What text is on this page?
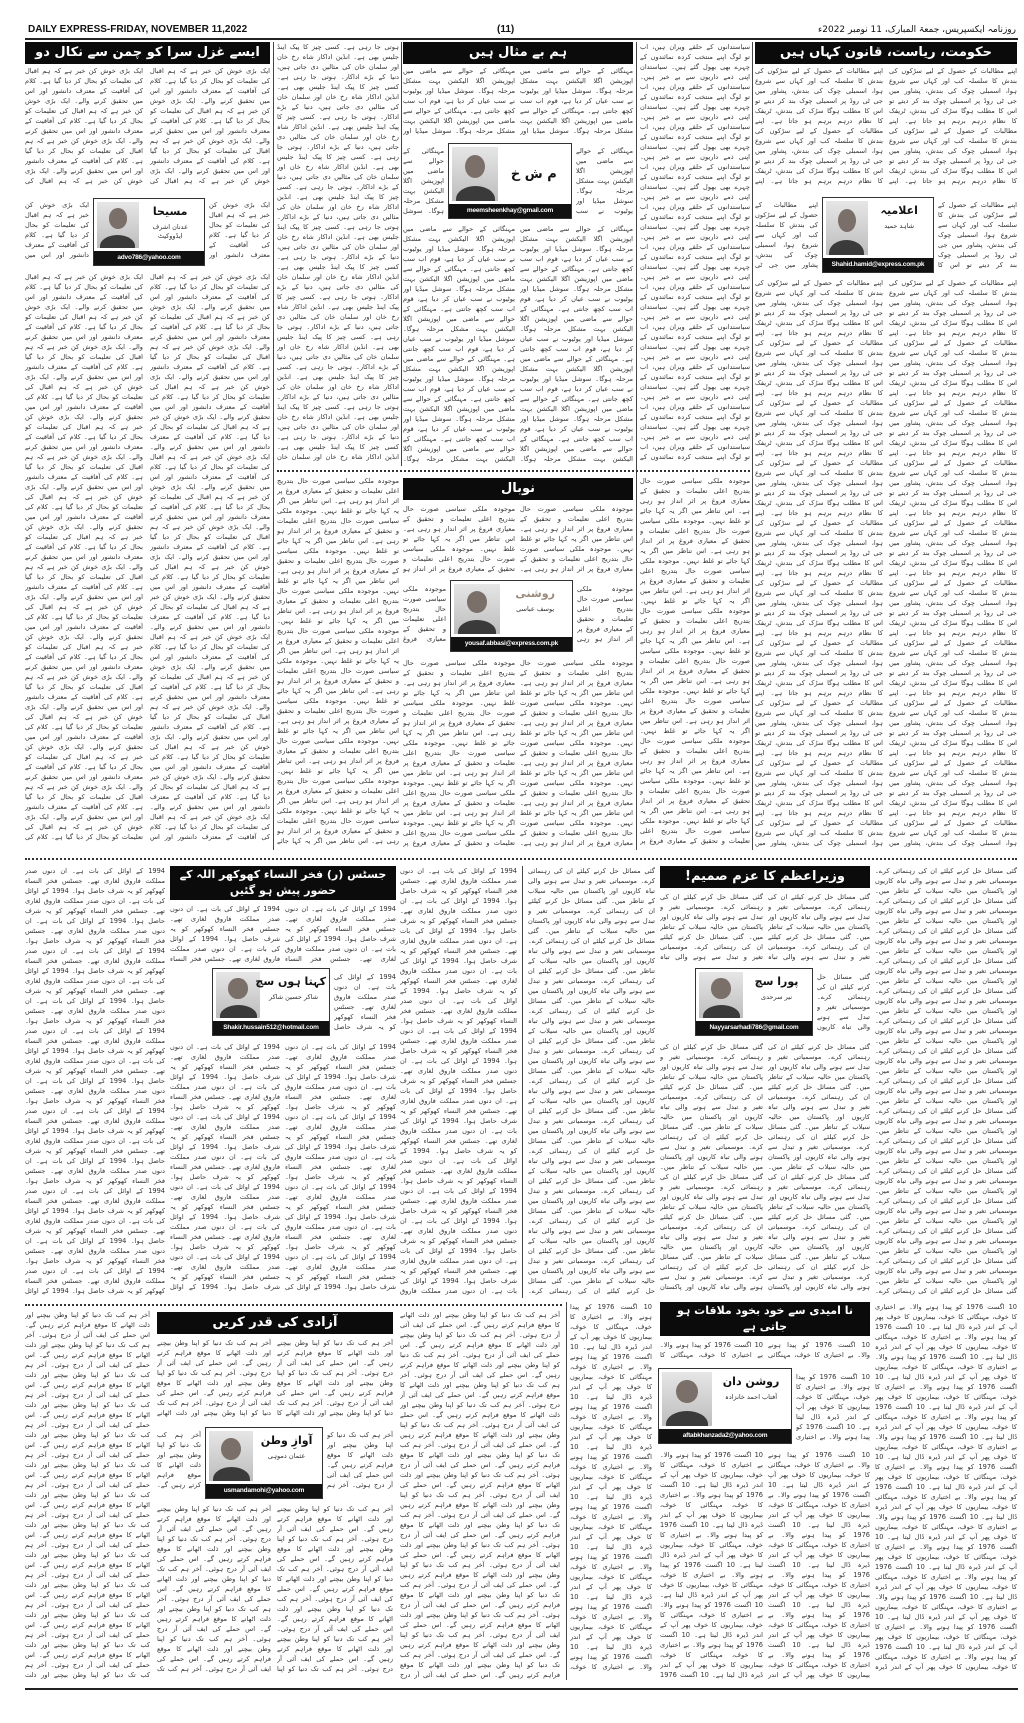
DAILY EXPRESS-FRIDAY, NOVEMBER 11,2022	(11)	روزنامہ ایکسپریس، جمعۃ المبارک، 11 نومبر 2022ء
ایسے غزل سرا کو چمن سے نکال دو
ایک بڑی خوش کن خبر ہے کہ ہم اقبال کی تعلیمات کو بحال کر دیا گیا ہے۔ کلام کی آفاقیت کے معترف دانشور اور اس میں تحقیق کرنے والے۔ ایک بڑی خوش کن خبر ہے کہ ہم اقبال کی تعلیمات کو بحال کر دیا گیا ہے۔ کلام کی آفاقیت کے معترف دانشور اور اس میں تحقیق کرنے والے۔ ایک بڑی خوش کن خبر ہے کہ ہم اقبال کی تعلیمات کو بحال کر دیا گیا ہے۔ کلام کی آفاقیت کے معترف دانشور اور اس میں تحقیق کرنے والے۔ ایک بڑی خوش کن خبر ہے کہ ہم اقبال کی
ایک بڑی خوش کن خبر ہے کہ ہم اقبال کی تعلیمات کو بحال کر دیا گیا ہے۔ کلام کی آفاقیت کے معترف دانشور اور اس میں
ایک بڑی خوش کن خبر ہے کہ ہم اقبال کی تعلیمات کو بحال کر دیا گیا ہے۔ کلام کی آفاقیت کے معترف دانشور اور اس میں تحقیق کرنے والے۔ ایک بڑی خوش کن خبر ہے کہ ہم اقبال کی تعلیمات کو بحال کر دیا گیا ہے۔ کلام کی آفاقیت کے معترف دانشور اور اس میں تحقیق کرنے والے۔ ایک بڑی خوش کن خبر ہے کہ ہم اقبال کی تعلیمات کو بحال کر دیا گیا ہے۔ کلام کی آفاقیت کے معترف دانشور اور اس میں تحقیق کرنے والے۔ ایک بڑی خوش کن خبر ہے کہ ہم اقبال کی تعلیمات کو بحال کر دیا گیا ہے۔ کلام کی آفاقیت کے معترف دانشور اور اس میں تحقیق کرنے والے۔ ایک بڑی خوش کن خبر ہے کہ ہم اقبال کی تعلیمات کو بحال کر دیا گیا ہے۔ کلام کی آفاقیت کے معترف دانشور اور اس میں تحقیق کرنے والے۔ ایک بڑی خوش کن خبر ہے کہ ہم اقبال کی تعلیمات کو بحال کر دیا گیا ہے۔ کلام کی آفاقیت کے معترف دانشور اور اس میں تحقیق کرنے والے۔ ایک بڑی خوش کن خبر ہے کہ ہم اقبال کی تعلیمات کو بحال کر دیا گیا ہے۔ کلام کی آفاقیت کے معترف دانشور اور اس میں تحقیق کرنے والے۔ ایک بڑی خوش کن خبر ہے کہ ہم اقبال کی تعلیمات کو بحال کر دیا گیا ہے۔ کلام کی آفاقیت کے معترف دانشور اور اس میں تحقیق کرنے والے۔ ایک بڑی خوش کن خبر ہے کہ ہم اقبال کی تعلیمات کو بحال کر دیا گیا ہے۔ کلام کی آفاقیت کے معترف دانشور اور اس میں تحقیق کرنے والے۔ ایک بڑی خوش کن خبر ہے کہ ہم اقبال کی تعلیمات کو بحال کر دیا گیا ہے۔ کلام کی آفاقیت کے معترف دانشور اور اس میں تحقیق کرنے والے۔ ایک بڑی خوش کن خبر ہے کہ ہم اقبال کی تعلیمات کو بحال کر دیا گیا ہے۔ کلام کی آفاقیت کے معترف دانشور اور اس میں تحقیق کرنے والے۔ ایک بڑی خوش کن خبر ہے کہ ہم اقبال کی تعلیمات کو بحال کر دیا گیا ہے۔ کلام کی آفاقیت کے معترف دانشور اور اس میں تحقیق کرنے والے۔ ایک بڑی خوش کن خبر ہے کہ ہم اقبال کی تعلیمات کو بحال کر دیا گیا ہے۔ کلام کی آفاقیت کے معترف دانشور اور اس میں تحقیق کرنے والے۔ ایک بڑی خوش کن خبر ہے کہ ہم اقبال کی تعلیمات کو بحال کر دیا گیا ہے۔ کلام کی آفاقیت کے معترف دانشور اور اس میں تحقیق کرنے والے۔ ایک بڑی خوش کن خبر ہے کہ ہم اقبال کی تعلیمات کو بحال کر دیا گیا ہے۔ کلام کی آفاقیت کے معترف دانشور اور اس میں تحقیق کرنے والے۔ ایک بڑی خوش کن خبر ہے کہ ہم اقبال کی تعلیمات کو بحال کر دیا گیا ہے۔ کلام کی
ایک بڑی خوش کن خبر ہے کہ ہم اقبال کی تعلیمات کو بحال کر دیا گیا ہے۔ کلام کی آفاقیت کے معترف دانشور اور اس میں تحقیق کرنے والے۔ ایک بڑی خوش کن خبر ہے کہ ہم اقبال کی تعلیمات کو بحال کر دیا گیا ہے۔ کلام کی آفاقیت کے معترف دانشور اور اس میں تحقیق کرنے والے۔ ایک بڑی خوش کن خبر ہے کہ ہم اقبال کی تعلیمات کو بحال کر دیا گیا ہے۔ کلام کی آفاقیت کے معترف دانشور اور اس میں تحقیق کرنے والے۔ ایک بڑی خوش کن خبر ہے کہ ہم اقبال کی
ایک بڑی خوش کن خبر ہے کہ ہم اقبال کی تعلیمات کو بحال کر دیا گیا ہے۔ کلام کی آفاقیت کے معترف دانشور اور
ایک بڑی خوش کن خبر ہے کہ ہم اقبال کی تعلیمات کو بحال کر دیا گیا ہے۔ کلام کی آفاقیت کے معترف دانشور اور اس میں تحقیق کرنے والے۔ ایک بڑی خوش کن خبر ہے کہ ہم اقبال کی تعلیمات کو بحال کر دیا گیا ہے۔ کلام کی آفاقیت کے معترف دانشور اور اس میں تحقیق کرنے والے۔ ایک بڑی خوش کن خبر ہے کہ ہم اقبال کی تعلیمات کو بحال کر دیا گیا ہے۔ کلام کی آفاقیت کے معترف دانشور اور اس میں تحقیق کرنے والے۔ ایک بڑی خوش کن خبر ہے کہ ہم اقبال کی تعلیمات کو بحال کر دیا گیا ہے۔ کلام کی آفاقیت کے معترف دانشور اور اس میں تحقیق کرنے والے۔ ایک بڑی خوش کن خبر ہے کہ ہم اقبال کی تعلیمات کو بحال کر دیا گیا ہے۔ کلام کی آفاقیت کے معترف دانشور اور اس میں تحقیق کرنے والے۔ ایک بڑی خوش کن خبر ہے کہ ہم اقبال کی تعلیمات کو بحال کر دیا گیا ہے۔ کلام کی آفاقیت کے معترف دانشور اور اس میں تحقیق کرنے والے۔ ایک بڑی خوش کن خبر ہے کہ ہم اقبال کی تعلیمات کو بحال کر دیا گیا ہے۔ کلام کی آفاقیت کے معترف دانشور اور اس میں تحقیق کرنے والے۔ ایک بڑی خوش کن خبر ہے کہ ہم اقبال کی تعلیمات کو بحال کر دیا گیا ہے۔ کلام کی آفاقیت کے معترف دانشور اور اس میں تحقیق کرنے والے۔ ایک بڑی خوش کن خبر ہے کہ ہم اقبال کی تعلیمات کو بحال کر دیا گیا ہے۔ کلام کی آفاقیت کے معترف دانشور اور اس میں تحقیق کرنے والے۔ ایک بڑی خوش کن خبر ہے کہ ہم اقبال کی تعلیمات کو بحال کر دیا گیا ہے۔ کلام کی آفاقیت کے معترف دانشور اور اس میں تحقیق کرنے والے۔ ایک بڑی خوش کن خبر ہے کہ ہم اقبال کی تعلیمات کو بحال کر دیا گیا ہے۔ کلام کی آفاقیت کے معترف دانشور اور اس میں تحقیق کرنے والے۔ ایک بڑی خوش کن خبر ہے کہ ہم اقبال کی تعلیمات کو بحال کر دیا گیا ہے۔ کلام کی آفاقیت کے معترف دانشور اور اس میں تحقیق کرنے والے۔ ایک بڑی خوش کن خبر ہے کہ ہم اقبال کی تعلیمات کو بحال کر دیا گیا ہے۔ کلام کی آفاقیت کے معترف دانشور اور اس میں تحقیق کرنے والے۔ ایک بڑی خوش کن خبر ہے کہ ہم اقبال کی تعلیمات کو بحال کر دیا گیا ہے۔ کلام کی آفاقیت کے معترف دانشور اور اس میں تحقیق کرنے والے۔ ایک بڑی خوش کن خبر ہے کہ ہم اقبال کی تعلیمات کو بحال کر دیا گیا ہے۔ کلام کی آفاقیت کے معترف دانشور اور اس میں تحقیق کرنے والے۔ ایک بڑی خوش کن خبر ہے کہ ہم اقبال کی تعلیمات کو بحال کر دیا گیا ہے۔ کلام کی آفاقیت کے معترف دانشور اور اس
مسیحا
عدنان اشرف ایڈووکیٹ
advo786@yahoo.com
ہوتی جا رہی ہے۔ کسی چیز کا پیک اینڈ جلیس بھی ہے۔ انڈین اداکار شاہ رخ خان اور سلمان خان کی مثالیں دی جاتی ہیں، دنیا کے بڑے اداکار۔ ہوتی جا رہی ہے۔ کسی چیز کا پیک اینڈ جلیس بھی ہے۔ انڈین اداکار شاہ رخ خان اور سلمان خان کی مثالیں دی جاتی ہیں، دنیا کے بڑے اداکار۔ ہوتی جا رہی ہے۔ کسی چیز کا پیک اینڈ جلیس بھی ہے۔ انڈین اداکار شاہ رخ خان اور سلمان خان کی مثالیں دی جاتی ہیں، دنیا کے بڑے اداکار۔ ہوتی جا رہی ہے۔ کسی چیز کا پیک اینڈ جلیس بھی ہے۔ انڈین اداکار شاہ رخ خان اور سلمان خان کی مثالیں دی جاتی ہیں، دنیا کے بڑے اداکار۔ ہوتی جا رہی ہے۔ کسی چیز کا پیک اینڈ جلیس بھی ہے۔ انڈین اداکار شاہ رخ خان اور سلمان خان کی مثالیں دی جاتی ہیں، دنیا کے بڑے اداکار۔ ہوتی جا رہی ہے۔ کسی چیز کا پیک اینڈ جلیس بھی ہے۔ انڈین اداکار شاہ رخ خان اور سلمان خان کی مثالیں دی جاتی ہیں، دنیا کے بڑے اداکار۔ ہوتی جا رہی ہے۔ کسی چیز کا پیک اینڈ جلیس بھی ہے۔ انڈین اداکار شاہ رخ خان اور سلمان خان کی مثالیں دی جاتی ہیں، دنیا کے بڑے اداکار۔ ہوتی جا رہی ہے۔ کسی چیز کا پیک اینڈ جلیس بھی ہے۔ انڈین اداکار شاہ رخ خان اور سلمان خان کی مثالیں دی جاتی ہیں، دنیا کے بڑے اداکار۔ ہوتی جا رہی ہے۔ کسی چیز کا پیک اینڈ جلیس بھی ہے۔ انڈین اداکار شاہ رخ خان اور سلمان خان کی مثالیں دی جاتی ہیں، دنیا کے بڑے اداکار۔ ہوتی جا رہی ہے۔ کسی چیز کا پیک اینڈ جلیس بھی ہے۔ انڈین اداکار شاہ رخ خان اور سلمان خان کی مثالیں دی جاتی ہیں، دنیا کے بڑے اداکار۔ ہوتی جا رہی ہے۔ کسی چیز کا پیک اینڈ جلیس بھی ہے۔ انڈین اداکار شاہ رخ خان اور سلمان خان کی مثالیں دی جاتی ہیں، دنیا کے بڑے اداکار۔ ہوتی جا رہی ہے۔ کسی چیز کا پیک اینڈ جلیس بھی ہے۔ انڈین اداکار شاہ رخ خان اور سلمان خان
ہم بے مثال ہیں
مہنگائی کے حوالے سے ماضی میں اپوزیشن اگلا الیکشن بہت مشکل مرحلہ ہوگا۔ سوشل میڈیا اور یوٹیوب نے سب عیاں کر دیا ہے، قوم اب سب کچھ جانتی ہے۔ مہنگائی کے حوالے سے ماضی میں اپوزیشن اگلا الیکشن بہت مشکل مرحلہ ہوگا۔ سوشل میڈیا اور
مہنگائی کے حوالے سے ماضی میں اپوزیشن اگلا الیکشن بہت مشکل مرحلہ ہوگا۔ سوشل
مہنگائی کے حوالے سے ماضی میں اپوزیشن اگلا الیکشن بہت مشکل مرحلہ ہوگا۔ سوشل میڈیا اور یوٹیوب نے سب عیاں کر دیا ہے، قوم اب سب کچھ جانتی ہے۔ مہنگائی کے حوالے سے ماضی میں اپوزیشن اگلا الیکشن بہت مشکل مرحلہ ہوگا۔ سوشل میڈیا اور یوٹیوب نے سب عیاں کر دیا ہے، قوم اب سب کچھ جانتی ہے۔ مہنگائی کے حوالے سے ماضی میں اپوزیشن اگلا الیکشن بہت مشکل مرحلہ ہوگا۔ سوشل میڈیا اور یوٹیوب نے سب عیاں کر دیا ہے، قوم اب سب کچھ جانتی ہے۔ مہنگائی کے حوالے سے ماضی میں اپوزیشن اگلا الیکشن بہت مشکل مرحلہ ہوگا۔ سوشل میڈیا اور یوٹیوب نے سب عیاں کر دیا ہے، قوم اب سب کچھ جانتی ہے۔ مہنگائی کے حوالے سے ماضی میں اپوزیشن اگلا الیکشن بہت مشکل مرحلہ ہوگا۔ سوشل میڈیا اور یوٹیوب نے سب عیاں کر دیا ہے، قوم اب سب کچھ جانتی ہے۔ مہنگائی کے حوالے سے ماضی میں اپوزیشن اگلا الیکشن بہت مشکل مرحلہ ہوگا۔
مہنگائی کے حوالے سے ماضی میں اپوزیشن اگلا الیکشن بہت مشکل مرحلہ ہوگا۔ سوشل میڈیا اور یوٹیوب نے سب عیاں کر دیا ہے، قوم اب سب کچھ جانتی ہے۔ مہنگائی کے حوالے سے ماضی میں اپوزیشن اگلا الیکشن بہت مشکل مرحلہ ہوگا۔ سوشل میڈیا اور
مہنگائی کے حوالے سے ماضی میں اپوزیشن اگلا الیکشن بہت مشکل مرحلہ ہوگا۔ سوشل میڈیا اور یوٹیوب نے سب
مہنگائی کے حوالے سے ماضی میں اپوزیشن اگلا الیکشن بہت مشکل مرحلہ ہوگا۔ سوشل میڈیا اور یوٹیوب نے سب عیاں کر دیا ہے، قوم اب سب کچھ جانتی ہے۔ مہنگائی کے حوالے سے ماضی میں اپوزیشن اگلا الیکشن بہت مشکل مرحلہ ہوگا۔ سوشل میڈیا اور یوٹیوب نے سب عیاں کر دیا ہے، قوم اب سب کچھ جانتی ہے۔ مہنگائی کے حوالے سے ماضی میں اپوزیشن اگلا الیکشن بہت مشکل مرحلہ ہوگا۔ سوشل میڈیا اور یوٹیوب نے سب عیاں کر دیا ہے، قوم اب سب کچھ جانتی ہے۔ مہنگائی کے حوالے سے ماضی میں اپوزیشن اگلا الیکشن بہت مشکل مرحلہ ہوگا۔ سوشل میڈیا اور یوٹیوب نے سب عیاں کر دیا ہے، قوم اب سب کچھ جانتی ہے۔ مہنگائی کے حوالے سے ماضی میں اپوزیشن اگلا الیکشن بہت مشکل مرحلہ ہوگا۔ سوشل میڈیا اور یوٹیوب نے سب عیاں کر دیا ہے، قوم اب سب کچھ جانتی ہے۔ مہنگائی کے حوالے سے ماضی میں اپوزیشن اگلا الیکشن بہت مشکل مرحلہ ہوگا۔
م ش خ
meemsheenkhay@gmail.com
سیاستدانوں کے حلقے ویران ہیں، اب تو لوگ اپنے منتخب کردہ نمائندوں کے چہرے بھی بھول گئے ہیں۔ سیاستدان اپنی ذمے داریوں سے بے خبر ہیں۔ سیاستدانوں کے حلقے ویران ہیں، اب تو لوگ اپنے منتخب کردہ نمائندوں کے چہرے بھی بھول گئے ہیں۔ سیاستدان اپنی ذمے داریوں سے بے خبر ہیں۔ سیاستدانوں کے حلقے ویران ہیں، اب تو لوگ اپنے منتخب کردہ نمائندوں کے چہرے بھی بھول گئے ہیں۔ سیاستدان اپنی ذمے داریوں سے بے خبر ہیں۔ سیاستدانوں کے حلقے ویران ہیں، اب تو لوگ اپنے منتخب کردہ نمائندوں کے چہرے بھی بھول گئے ہیں۔ سیاستدان اپنی ذمے داریوں سے بے خبر ہیں۔ سیاستدانوں کے حلقے ویران ہیں، اب تو لوگ اپنے منتخب کردہ نمائندوں کے چہرے بھی بھول گئے ہیں۔ سیاستدان اپنی ذمے داریوں سے بے خبر ہیں۔ سیاستدانوں کے حلقے ویران ہیں، اب تو لوگ اپنے منتخب کردہ نمائندوں کے چہرے بھی بھول گئے ہیں۔ سیاستدان اپنی ذمے داریوں سے بے خبر ہیں۔ سیاستدانوں کے حلقے ویران ہیں، اب تو لوگ اپنے منتخب کردہ نمائندوں کے چہرے بھی بھول گئے ہیں۔ سیاستدان اپنی ذمے داریوں سے بے خبر ہیں۔ سیاستدانوں کے حلقے ویران ہیں، اب تو لوگ اپنے منتخب کردہ نمائندوں کے چہرے بھی بھول گئے ہیں۔ سیاستدان اپنی ذمے داریوں سے بے خبر ہیں۔ سیاستدانوں کے حلقے ویران ہیں، اب تو لوگ اپنے منتخب کردہ نمائندوں کے چہرے بھی بھول گئے ہیں۔ سیاستدان اپنی ذمے داریوں سے بے خبر ہیں۔ سیاستدانوں کے حلقے ویران ہیں، اب تو لوگ اپنے منتخب کردہ نمائندوں کے چہرے بھی بھول گئے ہیں۔ سیاستدان اپنی ذمے داریوں سے بے خبر ہیں۔ سیاستدانوں کے حلقے ویران ہیں، اب تو لوگ اپنے منتخب کردہ نمائندوں کے
حکومت، ریاست، قانون کہاں ہیں
اپنے مطالبات کے حصول کے لیے سڑکوں کی بندش کا سلسلہ کب اور کہاں سے شروع ہوا، اسمبلی چوک کی بندش، پشاور میں جی ٹی روڈ پر اسمبلی چوک بند کر دیتے تو اس کا مطلب ہوگا سڑک کی بندش، ٹریفک کا نظام درہم برہم ہو جاتا ہے۔ اپنے مطالبات کے حصول کے لیے سڑکوں کی بندش کا سلسلہ کب اور کہاں سے شروع ہوا، اسمبلی چوک کی بندش، پشاور میں جی ٹی روڈ پر اسمبلی چوک بند کر دیتے تو اس کا مطلب ہوگا سڑک کی بندش، ٹریفک کا نظام درہم برہم ہو جاتا ہے۔ اپنے
اپنے مطالبات کے حصول کے لیے سڑکوں کی بندش کا سلسلہ کب اور کہاں سے شروع ہوا، اسمبلی چوک کی بندش، پشاور میں جی ٹی
اپنے مطالبات کے حصول کے لیے سڑکوں کی بندش کا سلسلہ کب اور کہاں سے شروع ہوا، اسمبلی چوک کی بندش، پشاور میں جی ٹی روڈ پر اسمبلی چوک بند کر دیتے تو اس کا مطلب ہوگا سڑک کی بندش، ٹریفک کا نظام درہم برہم ہو جاتا ہے۔ اپنے مطالبات کے حصول کے لیے سڑکوں کی بندش کا سلسلہ کب اور کہاں سے شروع ہوا، اسمبلی چوک کی بندش، پشاور میں جی ٹی روڈ پر اسمبلی چوک بند کر دیتے تو اس کا مطلب ہوگا سڑک کی بندش، ٹریفک کا نظام درہم برہم ہو جاتا ہے۔ اپنے مطالبات کے حصول کے لیے سڑکوں کی بندش کا سلسلہ کب اور کہاں سے شروع ہوا، اسمبلی چوک کی بندش، پشاور میں جی ٹی روڈ پر اسمبلی چوک بند کر دیتے تو اس کا مطلب ہوگا سڑک کی بندش، ٹریفک کا نظام درہم برہم ہو جاتا ہے۔ اپنے مطالبات کے حصول کے لیے سڑکوں کی بندش کا سلسلہ کب اور کہاں سے شروع ہوا، اسمبلی چوک کی بندش، پشاور میں جی ٹی روڈ پر اسمبلی چوک بند کر دیتے تو اس کا مطلب ہوگا سڑک کی بندش، ٹریفک کا نظام درہم برہم ہو جاتا ہے۔ اپنے مطالبات کے حصول کے لیے سڑکوں کی بندش کا سلسلہ کب اور کہاں سے شروع ہوا، اسمبلی چوک کی بندش، پشاور میں جی ٹی روڈ پر اسمبلی چوک بند کر دیتے تو اس کا مطلب ہوگا سڑک کی بندش، ٹریفک کا نظام درہم برہم ہو جاتا ہے۔ اپنے مطالبات کے حصول کے لیے سڑکوں کی بندش کا سلسلہ کب اور کہاں سے شروع ہوا، اسمبلی چوک کی بندش، پشاور میں جی ٹی روڈ پر اسمبلی چوک بند کر دیتے تو اس کا مطلب ہوگا سڑک کی بندش، ٹریفک کا نظام درہم برہم ہو جاتا ہے۔ اپنے مطالبات کے حصول کے لیے سڑکوں کی بندش کا سلسلہ کب اور کہاں سے شروع ہوا، اسمبلی چوک کی بندش، پشاور میں جی ٹی روڈ پر اسمبلی چوک بند کر دیتے تو اس کا مطلب ہوگا سڑک کی بندش، ٹریفک کا نظام درہم برہم ہو جاتا ہے۔ اپنے مطالبات کے حصول کے لیے سڑکوں کی بندش کا سلسلہ کب اور کہاں سے شروع ہوا، اسمبلی چوک کی بندش، پشاور میں جی ٹی روڈ پر اسمبلی چوک بند کر دیتے تو اس کا مطلب ہوگا سڑک کی بندش، ٹریفک کا نظام درہم برہم ہو جاتا ہے۔ اپنے مطالبات کے حصول کے لیے سڑکوں کی بندش کا سلسلہ کب اور کہاں سے شروع ہوا، اسمبلی چوک کی بندش، پشاور میں جی ٹی روڈ پر اسمبلی چوک بند کر دیتے تو اس کا مطلب ہوگا سڑک کی بندش، ٹریفک کا نظام درہم برہم ہو جاتا ہے۔ اپنے مطالبات کے حصول کے لیے سڑکوں کی بندش کا سلسلہ کب اور کہاں سے شروع ہوا، اسمبلی چوک کی بندش، پشاور میں
اپنے مطالبات کے حصول کے لیے سڑکوں کی بندش کا سلسلہ کب اور کہاں سے شروع ہوا، اسمبلی چوک کی بندش، پشاور میں جی ٹی روڈ پر اسمبلی چوک بند کر دیتے تو اس کا مطلب ہوگا سڑک کی بندش، ٹریفک کا نظام درہم برہم ہو جاتا ہے۔ اپنے مطالبات کے حصول کے لیے سڑکوں کی بندش کا سلسلہ کب اور کہاں سے شروع ہوا، اسمبلی چوک کی بندش، پشاور میں جی ٹی روڈ پر اسمبلی چوک بند کر دیتے تو اس کا مطلب ہوگا سڑک کی بندش، ٹریفک کا نظام درہم برہم ہو جاتا ہے۔ اپنے
اپنے مطالبات کے حصول کے لیے سڑکوں کی بندش کا سلسلہ کب اور کہاں سے شروع ہوا، اسمبلی چوک کی بندش، پشاور میں جی ٹی روڈ پر اسمبلی چوک بند کر دیتے تو اس کا
اپنے مطالبات کے حصول کے لیے سڑکوں کی بندش کا سلسلہ کب اور کہاں سے شروع ہوا، اسمبلی چوک کی بندش، پشاور میں جی ٹی روڈ پر اسمبلی چوک بند کر دیتے تو اس کا مطلب ہوگا سڑک کی بندش، ٹریفک کا نظام درہم برہم ہو جاتا ہے۔ اپنے مطالبات کے حصول کے لیے سڑکوں کی بندش کا سلسلہ کب اور کہاں سے شروع ہوا، اسمبلی چوک کی بندش، پشاور میں جی ٹی روڈ پر اسمبلی چوک بند کر دیتے تو اس کا مطلب ہوگا سڑک کی بندش، ٹریفک کا نظام درہم برہم ہو جاتا ہے۔ اپنے مطالبات کے حصول کے لیے سڑکوں کی بندش کا سلسلہ کب اور کہاں سے شروع ہوا، اسمبلی چوک کی بندش، پشاور میں جی ٹی روڈ پر اسمبلی چوک بند کر دیتے تو اس کا مطلب ہوگا سڑک کی بندش، ٹریفک کا نظام درہم برہم ہو جاتا ہے۔ اپنے مطالبات کے حصول کے لیے سڑکوں کی بندش کا سلسلہ کب اور کہاں سے شروع ہوا، اسمبلی چوک کی بندش، پشاور میں جی ٹی روڈ پر اسمبلی چوک بند کر دیتے تو اس کا مطلب ہوگا سڑک کی بندش، ٹریفک کا نظام درہم برہم ہو جاتا ہے۔ اپنے مطالبات کے حصول کے لیے سڑکوں کی بندش کا سلسلہ کب اور کہاں سے شروع ہوا، اسمبلی چوک کی بندش، پشاور میں جی ٹی روڈ پر اسمبلی چوک بند کر دیتے تو اس کا مطلب ہوگا سڑک کی بندش، ٹریفک کا نظام درہم برہم ہو جاتا ہے۔ اپنے مطالبات کے حصول کے لیے سڑکوں کی بندش کا سلسلہ کب اور کہاں سے شروع ہوا، اسمبلی چوک کی بندش، پشاور میں جی ٹی روڈ پر اسمبلی چوک بند کر دیتے تو اس کا مطلب ہوگا سڑک کی بندش، ٹریفک کا نظام درہم برہم ہو جاتا ہے۔ اپنے مطالبات کے حصول کے لیے سڑکوں کی بندش کا سلسلہ کب اور کہاں سے شروع ہوا، اسمبلی چوک کی بندش، پشاور میں جی ٹی روڈ پر اسمبلی چوک بند کر دیتے تو اس کا مطلب ہوگا سڑک کی بندش، ٹریفک کا نظام درہم برہم ہو جاتا ہے۔ اپنے مطالبات کے حصول کے لیے سڑکوں کی بندش کا سلسلہ کب اور کہاں سے شروع ہوا، اسمبلی چوک کی بندش، پشاور میں جی ٹی روڈ پر اسمبلی چوک بند کر دیتے تو اس کا مطلب ہوگا سڑک کی بندش، ٹریفک کا نظام درہم برہم ہو جاتا ہے۔ اپنے مطالبات کے حصول کے لیے سڑکوں کی بندش کا سلسلہ کب اور کہاں سے شروع ہوا، اسمبلی چوک کی بندش، پشاور میں جی ٹی روڈ پر اسمبلی چوک بند کر دیتے تو اس کا مطلب ہوگا سڑک کی بندش، ٹریفک کا نظام درہم برہم ہو جاتا ہے۔ اپنے مطالبات کے حصول کے لیے سڑکوں کی بندش کا سلسلہ کب اور کہاں سے شروع ہوا، اسمبلی چوک کی بندش، پشاور میں
اعلامیہ
شاہد حمید
Shahid.hamid@express.com.pk
موجودہ ملکی سیاسی صورت حال بتدریج اعلی تعلیمات و تحقیق کے معیاری فروغ پر اثر انداز ہو رہی ہے۔ اس تناظر میں اگر یہ کہا جائے تو غلط نہیں۔ موجودہ ملکی سیاسی صورت حال بتدریج اعلی تعلیمات و تحقیق کے معیاری فروغ پر اثر انداز ہو رہی ہے۔ اس تناظر میں اگر یہ کہا جائے تو غلط نہیں۔ موجودہ ملکی سیاسی صورت حال بتدریج اعلی تعلیمات و تحقیق کے معیاری فروغ پر اثر انداز ہو رہی ہے۔ اس تناظر میں اگر یہ کہا جائے تو غلط نہیں۔ موجودہ ملکی سیاسی صورت حال بتدریج اعلی تعلیمات و تحقیق کے معیاری فروغ پر اثر انداز ہو رہی ہے۔ اس تناظر میں اگر یہ کہا جائے تو غلط نہیں۔ موجودہ ملکی سیاسی صورت حال بتدریج اعلی تعلیمات و تحقیق کے معیاری فروغ پر اثر انداز ہو رہی ہے۔ اس تناظر میں اگر یہ کہا جائے تو غلط نہیں۔ موجودہ ملکی سیاسی صورت حال بتدریج اعلی تعلیمات و تحقیق کے معیاری فروغ پر اثر انداز ہو رہی ہے۔ اس تناظر میں اگر یہ کہا جائے تو غلط نہیں۔ موجودہ ملکی سیاسی صورت حال بتدریج اعلی تعلیمات و تحقیق کے معیاری فروغ پر اثر انداز ہو رہی ہے۔ اس تناظر میں اگر یہ کہا جائے تو غلط نہیں۔ موجودہ ملکی سیاسی صورت حال بتدریج اعلی تعلیمات و تحقیق کے معیاری فروغ پر اثر انداز ہو رہی ہے۔ اس تناظر میں اگر یہ کہا جائے تو غلط نہیں۔ موجودہ ملکی سیاسی صورت حال بتدریج اعلی تعلیمات و تحقیق کے معیاری فروغ پر اثر انداز ہو رہی ہے۔ اس تناظر میں اگر یہ کہا جائے تو غلط نہیں۔ موجودہ ملکی سیاسی صورت حال بتدریج اعلی تعلیمات و تحقیق کے معیاری فروغ پر اثر انداز ہو رہی ہے۔ اس تناظر میں اگر یہ کہا جائے
نوبال
موجودہ ملکی سیاسی صورت حال بتدریج اعلی تعلیمات و تحقیق کے معیاری فروغ پر اثر انداز ہو رہی ہے۔ اس تناظر میں اگر یہ کہا جائے تو غلط نہیں۔ موجودہ ملکی سیاسی صورت حال بتدریج اعلی تعلیمات و تحقیق کے معیاری فروغ پر اثر انداز ہو
موجودہ ملکی سیاسی صورت حال بتدریج اعلی تعلیمات و تحقیق کے معیاری فروغ
موجودہ ملکی سیاسی صورت حال بتدریج اعلی تعلیمات و تحقیق کے معیاری فروغ پر اثر انداز ہو رہی ہے۔ اس تناظر میں اگر یہ کہا جائے تو غلط نہیں۔ موجودہ ملکی سیاسی صورت حال بتدریج اعلی تعلیمات و تحقیق کے معیاری فروغ پر اثر انداز ہو رہی ہے۔ اس تناظر میں اگر یہ کہا جائے تو غلط نہیں۔ موجودہ ملکی سیاسی صورت حال بتدریج اعلی تعلیمات و تحقیق کے معیاری فروغ پر اثر انداز ہو رہی ہے۔ اس تناظر میں اگر یہ کہا جائے تو غلط نہیں۔ موجودہ ملکی سیاسی صورت حال بتدریج اعلی تعلیمات و تحقیق کے معیاری فروغ پر اثر انداز ہو رہی ہے۔ اس تناظر میں اگر یہ کہا جائے تو غلط نہیں۔ موجودہ ملکی سیاسی صورت حال بتدریج اعلی تعلیمات و تحقیق کے معیاری فروغ پر
موجودہ ملکی سیاسی صورت حال بتدریج اعلی تعلیمات و تحقیق کے معیاری فروغ پر اثر انداز ہو رہی ہے۔ اس تناظر میں اگر یہ کہا جائے تو غلط نہیں۔ موجودہ ملکی سیاسی صورت حال بتدریج اعلی تعلیمات و تحقیق کے معیاری فروغ پر اثر انداز ہو رہی ہے۔
موجودہ ملکی سیاسی صورت حال بتدریج اعلی تعلیمات و تحقیق کے معیاری فروغ پر اثر انداز ہو رہی
موجودہ ملکی سیاسی صورت حال بتدریج اعلی تعلیمات و تحقیق کے معیاری فروغ پر اثر انداز ہو رہی ہے۔ اس تناظر میں اگر یہ کہا جائے تو غلط نہیں۔ موجودہ ملکی سیاسی صورت حال بتدریج اعلی تعلیمات و تحقیق کے معیاری فروغ پر اثر انداز ہو رہی ہے۔ اس تناظر میں اگر یہ کہا جائے تو غلط نہیں۔ موجودہ ملکی سیاسی صورت حال بتدریج اعلی تعلیمات و تحقیق کے معیاری فروغ پر اثر انداز ہو رہی ہے۔ اس تناظر میں اگر یہ کہا جائے تو غلط نہیں۔ موجودہ ملکی سیاسی صورت حال بتدریج اعلی تعلیمات و تحقیق کے معیاری فروغ پر اثر انداز ہو رہی ہے۔ اس تناظر میں اگر یہ کہا جائے تو غلط نہیں۔ موجودہ ملکی سیاسی صورت حال بتدریج اعلی تعلیمات و تحقیق کے معیاری فروغ پر اثر انداز ہو رہی ہے۔
موجودہ ملکی سیاسی صورت حال بتدریج اعلی تعلیمات و تحقیق کے معیاری فروغ پر اثر انداز ہو رہی ہے۔ اس تناظر میں اگر یہ کہا جائے تو غلط نہیں۔ موجودہ ملکی سیاسی صورت حال بتدریج اعلی تعلیمات و تحقیق کے معیاری فروغ پر اثر انداز ہو رہی ہے۔ اس تناظر میں اگر یہ کہا جائے تو غلط نہیں۔ موجودہ ملکی سیاسی صورت حال بتدریج اعلی تعلیمات و تحقیق کے معیاری فروغ پر اثر انداز ہو رہی ہے۔ اس تناظر میں اگر یہ کہا جائے تو غلط نہیں۔ موجودہ ملکی سیاسی صورت حال بتدریج اعلی تعلیمات و تحقیق کے معیاری فروغ پر اثر انداز ہو رہی ہے۔ اس تناظر میں اگر یہ کہا جائے تو غلط نہیں۔ موجودہ ملکی سیاسی صورت حال بتدریج اعلی تعلیمات و تحقیق کے معیاری فروغ پر اثر انداز ہو رہی ہے۔ اس تناظر میں اگر یہ کہا جائے تو غلط نہیں۔ موجودہ ملکی سیاسی صورت حال بتدریج اعلی تعلیمات و تحقیق کے معیاری فروغ پر اثر انداز ہو رہی ہے۔ اس تناظر میں اگر یہ کہا جائے تو غلط نہیں۔ موجودہ ملکی سیاسی صورت حال بتدریج اعلی تعلیمات و تحقیق کے معیاری فروغ پر اثر انداز ہو رہی ہے۔ اس تناظر میں اگر یہ کہا جائے تو غلط نہیں۔ موجودہ ملکی سیاسی صورت حال بتدریج اعلی تعلیمات و تحقیق کے معیاری فروغ پر اثر انداز ہو رہی ہے۔ اس تناظر میں اگر یہ کہا جائے تو غلط نہیں۔ موجودہ ملکی سیاسی صورت حال بتدریج اعلی تعلیمات و تحقیق کے معیاری فروغ پر
روشنی
یوسف عباسی
yousaf.abbasi@express.com.pk
1994 کے اوائل کی بات ہے۔ ان دنوں صدر مملکت فاروق لغاری تھے۔ جسٹس فخر النساء کھوکھر کو یہ شرف حاصل ہوا۔ 1994 کے اوائل کی بات ہے۔ ان دنوں صدر مملکت فاروق لغاری تھے۔ جسٹس فخر النساء کھوکھر کو یہ شرف حاصل ہوا۔ 1994 کے اوائل کی بات ہے۔ ان دنوں صدر مملکت فاروق لغاری تھے۔ جسٹس فخر النساء کھوکھر کو یہ شرف حاصل ہوا۔ 1994 کے اوائل کی بات ہے۔ ان دنوں صدر مملکت فاروق لغاری تھے۔ جسٹس فخر النساء کھوکھر کو یہ شرف حاصل ہوا۔ 1994 کے اوائل کی بات ہے۔ ان دنوں صدر مملکت فاروق لغاری تھے۔ جسٹس فخر النساء کھوکھر کو یہ شرف حاصل ہوا۔ 1994 کے اوائل کی بات ہے۔ ان دنوں صدر مملکت فاروق لغاری تھے۔ جسٹس فخر النساء کھوکھر کو یہ شرف حاصل ہوا۔ 1994 کے اوائل کی بات ہے۔ ان دنوں صدر مملکت فاروق لغاری تھے۔ جسٹس فخر النساء کھوکھر کو یہ شرف حاصل ہوا۔ 1994 کے اوائل کی بات ہے۔ ان دنوں صدر مملکت فاروق لغاری تھے۔ جسٹس فخر النساء کھوکھر کو یہ شرف حاصل ہوا۔ 1994 کے اوائل کی بات ہے۔ ان دنوں صدر مملکت فاروق لغاری تھے۔ جسٹس فخر النساء کھوکھر کو یہ شرف حاصل ہوا۔ 1994 کے اوائل کی بات ہے۔ ان دنوں صدر مملکت فاروق لغاری تھے۔ جسٹس فخر النساء کھوکھر کو یہ شرف حاصل ہوا۔ 1994 کے اوائل کی بات ہے۔ ان دنوں صدر مملکت فاروق لغاری تھے۔ جسٹس فخر النساء کھوکھر کو یہ شرف حاصل ہوا۔ 1994 کے اوائل کی بات ہے۔ ان دنوں صدر مملکت فاروق لغاری تھے۔ جسٹس فخر النساء کھوکھر کو یہ شرف حاصل ہوا۔ 1994 کے اوائل کی بات ہے۔ ان دنوں صدر مملکت فاروق لغاری تھے۔ جسٹس فخر النساء کھوکھر کو یہ شرف حاصل ہوا۔ 1994 کے اوائل کی بات ہے۔ ان دنوں صدر مملکت فاروق لغاری تھے۔ جسٹس فخر النساء کھوکھر کو یہ شرف حاصل ہوا۔ 1994 کے اوائل کی بات ہے۔ ان دنوں صدر مملکت فاروق لغاری تھے۔ جسٹس فخر النساء کھوکھر کو یہ شرف حاصل ہوا۔ 1994 کے اوائل کی بات ہے۔ ان دنوں صدر مملکت فاروق لغاری تھے۔ جسٹس فخر النساء کھوکھر کو یہ شرف حاصل ہوا۔ 1994 کے اوائل
جسٹس (ر) فخر النساء کھوکھر اللہ کے حضور پیش ہو گئیں
1994 کے اوائل کی بات ہے۔ ان دنوں صدر مملکت فاروق لغاری تھے۔ جسٹس فخر النساء کھوکھر کو یہ شرف حاصل ہوا۔ 1994 کے اوائل کی بات ہے۔ ان دنوں صدر مملکت فاروق لغاری تھے۔ جسٹس فخر النساء
1994 کے اوائل کی بات ہے۔ ان دنوں صدر مملکت فاروق لغاری تھے۔ جسٹس فخر النساء کھوکھر کو یہ شرف حاصل ہوا۔ 1994 کے اوائل کی بات ہے۔ ان دنوں صدر مملکت فاروق لغاری تھے۔ جسٹس فخر النساء
1994 کے اوائل کی بات ہے۔ ان دنوں صدر مملکت فاروق لغاری تھے۔ جسٹس فخر النساء کھوکھر کو یہ شرف حاصل
1994 کے اوائل کی بات ہے۔ ان دنوں صدر مملکت فاروق لغاری تھے۔ جسٹس فخر النساء کھوکھر کو یہ شرف حاصل ہوا۔ 1994 کے اوائل کی بات ہے۔ ان دنوں صدر مملکت فاروق لغاری تھے۔ جسٹس فخر النساء کھوکھر کو یہ شرف حاصل ہوا۔ 1994 کے اوائل کی بات ہے۔ ان دنوں صدر مملکت فاروق لغاری تھے۔ جسٹس فخر النساء کھوکھر کو یہ شرف حاصل ہوا۔ 1994 کے اوائل کی بات ہے۔ ان دنوں صدر مملکت فاروق لغاری تھے۔ جسٹس فخر النساء کھوکھر کو یہ شرف حاصل ہوا۔ 1994 کے اوائل کی بات ہے۔ ان دنوں صدر مملکت فاروق لغاری تھے۔ جسٹس فخر النساء کھوکھر کو یہ شرف حاصل ہوا۔ 1994 کے اوائل کی بات ہے۔ ان دنوں صدر مملکت فاروق لغاری تھے۔ جسٹس فخر النساء کھوکھر کو یہ شرف حاصل ہوا۔ 1994 کے اوائل کی بات ہے۔ ان دنوں صدر مملکت فاروق لغاری تھے۔ جسٹس فخر النساء کھوکھر کو یہ شرف حاصل ہوا۔ 1994 کے اوائل
1994 کے اوائل کی بات ہے۔ ان دنوں صدر مملکت فاروق لغاری تھے۔ جسٹس فخر النساء کھوکھر کو یہ شرف حاصل ہوا۔ 1994 کے اوائل کی بات ہے۔ ان دنوں صدر مملکت فاروق لغاری تھے۔ جسٹس فخر النساء کھوکھر کو یہ شرف حاصل ہوا۔ 1994 کے اوائل کی بات ہے۔ ان دنوں صدر مملکت فاروق لغاری تھے۔ جسٹس فخر النساء کھوکھر کو یہ شرف حاصل ہوا۔ 1994 کے اوائل کی بات ہے۔ ان دنوں صدر مملکت فاروق لغاری تھے۔ جسٹس فخر النساء کھوکھر کو یہ شرف حاصل ہوا۔ 1994 کے اوائل کی بات ہے۔ ان دنوں صدر مملکت فاروق لغاری تھے۔ جسٹس فخر النساء کھوکھر کو یہ شرف حاصل ہوا۔ 1994 کے اوائل کی بات ہے۔ ان دنوں صدر مملکت فاروق لغاری تھے۔ جسٹس فخر النساء کھوکھر کو یہ شرف حاصل ہوا۔ 1994 کے اوائل کی بات ہے۔ ان دنوں صدر مملکت فاروق لغاری تھے۔ جسٹس فخر النساء کھوکھر کو یہ شرف حاصل ہوا۔ 1994 کے اوائل کی
1994 کے اوائل کی بات ہے۔ ان دنوں صدر مملکت فاروق لغاری تھے۔ جسٹس فخر النساء کھوکھر کو یہ شرف حاصل ہوا۔ 1994 کے اوائل کی بات ہے۔ ان دنوں صدر مملکت فاروق لغاری تھے۔ جسٹس فخر النساء کھوکھر کو یہ شرف حاصل ہوا۔ 1994 کے اوائل کی بات ہے۔ ان دنوں صدر مملکت فاروق لغاری تھے۔ جسٹس فخر النساء کھوکھر کو یہ شرف حاصل ہوا۔ 1994 کے اوائل کی بات ہے۔ ان دنوں صدر مملکت فاروق لغاری تھے۔ جسٹس فخر النساء کھوکھر کو یہ شرف حاصل ہوا۔ 1994 کے اوائل کی بات ہے۔ ان دنوں صدر مملکت فاروق لغاری تھے۔ جسٹس فخر النساء کھوکھر کو یہ شرف حاصل ہوا۔ 1994 کے اوائل کی بات ہے۔ ان دنوں صدر مملکت فاروق لغاری تھے۔ جسٹس فخر النساء کھوکھر کو یہ شرف حاصل ہوا۔ 1994 کے اوائل کی بات ہے۔ ان دنوں صدر مملکت فاروق لغاری تھے۔ جسٹس فخر النساء کھوکھر کو یہ شرف حاصل ہوا۔ 1994 کے اوائل کی بات ہے۔ ان دنوں صدر مملکت فاروق لغاری تھے۔ جسٹس فخر النساء کھوکھر کو یہ شرف حاصل ہوا۔ 1994 کے اوائل کی بات ہے۔ ان دنوں صدر مملکت فاروق لغاری تھے۔ جسٹس فخر النساء کھوکھر کو یہ شرف حاصل ہوا۔ 1994 کے اوائل کی بات ہے۔ ان دنوں صدر مملکت فاروق لغاری تھے۔ جسٹس فخر النساء کھوکھر کو یہ شرف حاصل ہوا۔ 1994 کے اوائل کی بات ہے۔ ان دنوں صدر مملکت فاروق لغاری تھے۔ جسٹس فخر النساء کھوکھر کو یہ شرف حاصل ہوا۔ 1994 کے اوائل کی بات ہے۔ ان دنوں صدر مملکت فاروق لغاری تھے۔ جسٹس فخر النساء کھوکھر کو یہ شرف حاصل ہوا۔ 1994 کے اوائل کی بات ہے۔ ان دنوں صدر مملکت فاروق لغاری تھے۔ جسٹس فخر النساء کھوکھر کو یہ شرف حاصل ہوا۔ 1994 کے اوائل کی بات ہے۔ ان دنوں صدر مملکت فاروق
کہتا ہوں سچ
شاکر حسین شاکر
Shakir.hussain512@hotmail.com
گئی مسائل حل کرنے کیلئے ان کی رہنمائی کرے۔ موسمیاتی تغیر و تبدل سے ہونے والی تباہ کاریوں اور پاکستان میں حالیہ سیلاب کے تناظر میں۔ گئی مسائل حل کرنے کیلئے ان کی رہنمائی کرے۔ موسمیاتی تغیر و تبدل سے ہونے والی تباہ کاریوں اور پاکستان میں حالیہ سیلاب کے تناظر میں۔ گئی مسائل حل کرنے کیلئے ان کی رہنمائی کرے۔ موسمیاتی تغیر و تبدل سے ہونے والی تباہ کاریوں اور پاکستان میں حالیہ سیلاب کے تناظر میں۔ گئی مسائل حل کرنے کیلئے ان کی رہنمائی کرے۔ موسمیاتی تغیر و تبدل سے ہونے والی تباہ کاریوں اور پاکستان میں حالیہ سیلاب کے تناظر میں۔ گئی مسائل حل کرنے کیلئے ان کی رہنمائی کرے۔ موسمیاتی تغیر و تبدل سے ہونے والی تباہ کاریوں اور پاکستان میں حالیہ سیلاب کے تناظر میں۔ گئی مسائل حل کرنے کیلئے ان کی رہنمائی کرے۔ موسمیاتی تغیر و تبدل سے ہونے والی تباہ کاریوں اور پاکستان میں حالیہ سیلاب کے تناظر میں۔ گئی مسائل حل کرنے کیلئے ان کی رہنمائی کرے۔ موسمیاتی تغیر و تبدل سے ہونے والی تباہ کاریوں اور پاکستان میں حالیہ سیلاب کے تناظر میں۔ گئی مسائل حل کرنے کیلئے ان کی رہنمائی کرے۔ موسمیاتی تغیر و تبدل سے ہونے والی تباہ کاریوں اور پاکستان میں حالیہ سیلاب کے تناظر میں۔ گئی مسائل حل کرنے کیلئے ان کی رہنمائی کرے۔ موسمیاتی تغیر و تبدل سے ہونے والی تباہ کاریوں اور پاکستان میں حالیہ سیلاب کے تناظر میں۔ گئی مسائل حل کرنے کیلئے ان کی رہنمائی کرے۔ موسمیاتی تغیر و تبدل سے ہونے والی تباہ کاریوں اور پاکستان میں حالیہ سیلاب کے تناظر میں۔ گئی مسائل حل کرنے کیلئے ان کی رہنمائی کرے۔ موسمیاتی تغیر و تبدل سے ہونے والی تباہ کاریوں اور پاکستان میں حالیہ سیلاب کے تناظر میں۔ گئی مسائل حل کرنے کیلئے ان کی رہنمائی کرے۔ موسمیاتی تغیر و تبدل سے ہونے والی تباہ کاریوں اور پاکستان میں حالیہ سیلاب کے تناظر میں۔ گئی مسائل حل کرنے کیلئے ان کی رہنمائی کرے۔
وزیراعظم کا عزم صمیم!
گئی مسائل حل کرنے کیلئے ان کی رہنمائی کرے۔ موسمیاتی تغیر و تبدل سے ہونے والی تباہ کاریوں اور پاکستان میں حالیہ سیلاب کے تناظر میں۔ گئی مسائل حل کرنے کیلئے ان کی رہنمائی کرے۔ موسمیاتی تغیر و تبدل سے ہونے والی تباہ
گئی مسائل حل کرنے کیلئے ان کی رہنمائی کرے۔ موسمیاتی تغیر و تبدل سے ہونے والی تباہ کاریوں اور پاکستان میں حالیہ سیلاب کے تناظر میں۔ گئی مسائل حل کرنے کیلئے ان کی رہنمائی کرے۔ موسمیاتی تغیر و تبدل سے ہونے والی تباہ
گئی مسائل حل کرنے کیلئے ان کی رہنمائی کرے۔ موسمیاتی تغیر و تبدل سے ہونے والی تباہ کاریوں
گئی مسائل حل کرنے کیلئے ان کی رہنمائی کرے۔ موسمیاتی تغیر و تبدل سے ہونے والی تباہ کاریوں اور پاکستان میں حالیہ سیلاب کے تناظر میں۔ گئی مسائل حل کرنے کیلئے ان کی رہنمائی کرے۔ موسمیاتی تغیر و تبدل سے ہونے والی تباہ کاریوں اور پاکستان میں حالیہ سیلاب کے تناظر میں۔ گئی مسائل حل کرنے کیلئے ان کی رہنمائی کرے۔ موسمیاتی تغیر و تبدل سے ہونے والی تباہ کاریوں اور پاکستان میں حالیہ سیلاب کے تناظر میں۔ گئی مسائل حل کرنے کیلئے ان کی رہنمائی کرے۔ موسمیاتی تغیر و تبدل سے ہونے والی تباہ کاریوں اور پاکستان میں حالیہ سیلاب کے تناظر میں۔ گئی مسائل حل کرنے کیلئے ان کی رہنمائی کرے۔ موسمیاتی تغیر و تبدل سے ہونے والی تباہ کاریوں اور پاکستان میں حالیہ سیلاب کے تناظر میں۔ گئی مسائل حل کرنے کیلئے ان کی رہنمائی کرے۔ موسمیاتی تغیر و تبدل سے ہونے والی تباہ کاریوں اور پاکستان
گئی مسائل حل کرنے کیلئے ان کی رہنمائی کرے۔ موسمیاتی تغیر و تبدل سے ہونے والی تباہ کاریوں اور پاکستان میں حالیہ سیلاب کے تناظر میں۔ گئی مسائل حل کرنے کیلئے ان کی رہنمائی کرے۔ موسمیاتی تغیر و تبدل سے ہونے والی تباہ کاریوں اور پاکستان میں حالیہ سیلاب کے تناظر میں۔ گئی مسائل حل کرنے کیلئے ان کی رہنمائی کرے۔ موسمیاتی تغیر و تبدل سے ہونے والی تباہ کاریوں اور پاکستان میں حالیہ سیلاب کے تناظر میں۔ گئی مسائل حل کرنے کیلئے ان کی رہنمائی کرے۔ موسمیاتی تغیر و تبدل سے ہونے والی تباہ کاریوں اور پاکستان میں حالیہ سیلاب کے تناظر میں۔ گئی مسائل حل کرنے کیلئے ان کی رہنمائی کرے۔ موسمیاتی تغیر و تبدل سے ہونے والی تباہ کاریوں اور پاکستان میں حالیہ سیلاب کے تناظر میں۔ گئی مسائل حل کرنے کیلئے ان کی رہنمائی کرے۔ موسمیاتی تغیر و تبدل سے ہونے والی تباہ کاریوں اور پاکستان
گئی مسائل حل کرنے کیلئے ان کی رہنمائی کرے۔ موسمیاتی تغیر و تبدل سے ہونے والی تباہ کاریوں اور پاکستان میں حالیہ سیلاب کے تناظر میں۔ گئی مسائل حل کرنے کیلئے ان کی رہنمائی کرے۔ موسمیاتی تغیر و تبدل سے ہونے والی تباہ کاریوں اور پاکستان میں حالیہ سیلاب کے تناظر میں۔ گئی مسائل حل کرنے کیلئے ان کی رہنمائی کرے۔ موسمیاتی تغیر و تبدل سے ہونے والی تباہ کاریوں اور پاکستان میں حالیہ سیلاب کے تناظر میں۔ گئی مسائل حل کرنے کیلئے ان کی رہنمائی کرے۔ موسمیاتی تغیر و تبدل سے ہونے والی تباہ کاریوں اور پاکستان میں حالیہ سیلاب کے تناظر میں۔ گئی مسائل حل کرنے کیلئے ان کی رہنمائی کرے۔ موسمیاتی تغیر و تبدل سے ہونے والی تباہ کاریوں اور پاکستان میں حالیہ سیلاب کے تناظر میں۔ گئی مسائل حل کرنے کیلئے ان کی رہنمائی کرے۔ موسمیاتی تغیر و تبدل سے ہونے والی تباہ کاریوں اور پاکستان میں حالیہ سیلاب کے تناظر میں۔ گئی مسائل حل کرنے کیلئے ان کی رہنمائی کرے۔ موسمیاتی تغیر و تبدل سے ہونے والی تباہ کاریوں اور پاکستان میں حالیہ سیلاب کے تناظر میں۔ گئی مسائل حل کرنے کیلئے ان کی رہنمائی کرے۔ موسمیاتی تغیر و تبدل سے ہونے والی تباہ کاریوں اور پاکستان میں حالیہ سیلاب کے تناظر میں۔ گئی مسائل حل کرنے کیلئے ان کی رہنمائی کرے۔ موسمیاتی تغیر و تبدل سے ہونے والی تباہ کاریوں اور پاکستان میں حالیہ سیلاب کے تناظر میں۔ گئی مسائل حل کرنے کیلئے ان کی رہنمائی کرے۔ موسمیاتی تغیر و تبدل سے ہونے والی تباہ کاریوں اور پاکستان میں حالیہ سیلاب کے تناظر میں۔ گئی مسائل حل کرنے کیلئے ان کی رہنمائی کرے۔ موسمیاتی تغیر و تبدل سے ہونے والی تباہ کاریوں اور پاکستان میں حالیہ سیلاب کے تناظر میں۔ گئی مسائل حل کرنے کیلئے ان کی رہنمائی کرے۔ موسمیاتی تغیر و تبدل سے ہونے والی تباہ کاریوں اور پاکستان میں حالیہ سیلاب کے تناظر میں۔ گئی مسائل حل کرنے کیلئے ان کی رہنمائی کرے۔ موسمیاتی تغیر و تبدل سے ہونے والی تباہ کاریوں اور پاکستان میں حالیہ سیلاب کے تناظر میں۔ گئی مسائل حل کرنے کیلئے ان کی رہنمائی کرے۔ موسمیاتی تغیر و تبدل سے ہونے والی تباہ کاریوں اور پاکستان میں حالیہ سیلاب کے تناظر میں۔ گئی مسائل حل کرنے کیلئے ان کی رہنمائی کرے۔
پورا سچ
نیر سرحدی
Nayyarsarhadi786@gmail.com
آخر ہم کب تک دنیا کو اپنا وطن بیچنے اور ذلت اٹھانے کا موقع فراہم کرتے رہیں گے۔ اس حملے کی ایف آئی آر درج ہوئی۔ آخر ہم کب تک دنیا کو اپنا وطن بیچنے اور ذلت اٹھانے کا موقع فراہم کرتے رہیں گے۔ اس حملے کی ایف آئی آر درج ہوئی۔ آخر ہم کب تک دنیا کو اپنا وطن بیچنے اور ذلت اٹھانے کا موقع فراہم کرتے رہیں گے۔ اس حملے کی ایف آئی آر درج ہوئی۔ آخر ہم کب تک دنیا کو اپنا وطن بیچنے اور ذلت اٹھانے کا موقع فراہم کرتے رہیں گے۔ اس حملے کی ایف آئی آر درج ہوئی۔ آخر ہم کب تک دنیا کو اپنا وطن بیچنے اور ذلت اٹھانے کا موقع فراہم کرتے رہیں گے۔ اس حملے کی ایف آئی آر درج ہوئی۔ آخر ہم کب تک دنیا کو اپنا وطن بیچنے اور ذلت اٹھانے کا موقع فراہم کرتے رہیں گے۔ اس حملے کی ایف آئی آر درج ہوئی۔ آخر ہم کب تک دنیا کو اپنا وطن بیچنے اور ذلت اٹھانے کا موقع فراہم کرتے رہیں گے۔ اس حملے کی ایف آئی آر درج ہوئی۔ آخر ہم کب تک دنیا کو اپنا وطن بیچنے اور ذلت اٹھانے کا موقع فراہم کرتے رہیں گے۔ اس حملے کی ایف آئی آر درج ہوئی۔ آخر ہم کب تک دنیا کو اپنا وطن بیچنے اور ذلت اٹھانے کا موقع فراہم کرتے رہیں گے۔ اس حملے کی ایف آئی آر درج ہوئی۔ آخر ہم کب تک دنیا کو اپنا وطن بیچنے اور ذلت اٹھانے کا موقع فراہم کرتے رہیں گے۔ اس حملے کی ایف آئی آر درج ہوئی۔ آخر ہم کب تک دنیا کو اپنا وطن بیچنے اور ذلت اٹھانے کا موقع فراہم کرتے رہیں گے۔ اس حملے کی ایف آئی آر درج ہوئی۔ آخر ہم کب تک دنیا کو اپنا وطن بیچنے اور ذلت اٹھانے کا موقع فراہم کرتے رہیں گے۔ اس حملے کی ایف آئی آر درج ہوئی۔ آخر ہم کب تک دنیا کو اپنا وطن بیچنے اور ذلت
آزادی کی قدر کریں
آخر ہم کب تک دنیا کو اپنا وطن بیچنے اور ذلت اٹھانے کا موقع فراہم کرتے رہیں گے۔ اس حملے کی ایف آئی آر درج ہوئی۔ آخر ہم کب تک دنیا کو اپنا وطن بیچنے اور ذلت اٹھانے کا موقع فراہم کرتے رہیں گے۔ اس حملے کی ایف آئی آر درج ہوئی۔ آخر ہم کب تک دنیا کو اپنا وطن بیچنے اور ذلت اٹھانے
آخر ہم کب تک دنیا کو اپنا وطن بیچنے اور ذلت اٹھانے کا موقع فراہم کرتے رہیں گے۔ اس حملے کی ایف آئی آر درج ہوئی۔ آخر ہم کب تک دنیا کو اپنا وطن بیچنے اور ذلت اٹھانے کا موقع فراہم کرتے رہیں گے۔ اس حملے کی ایف آئی آر درج ہوئی۔ آخر ہم کب تک دنیا کو اپنا وطن بیچنے اور ذلت اٹھانے کا
آخر ہم کب تک دنیا کو اپنا وطن بیچنے اور ذلت اٹھانے کا موقع فراہم کرتے رہیں گے۔
آخر ہم کب تک دنیا کو اپنا وطن بیچنے اور ذلت اٹھانے کا موقع فراہم کرتے رہیں گے۔ اس حملے کی ایف آئی آر درج ہوئی۔ آخر ہم
آخر ہم کب تک دنیا کو اپنا وطن بیچنے اور ذلت اٹھانے کا موقع فراہم کرتے رہیں گے۔ اس حملے کی ایف آئی آر درج ہوئی۔ آخر ہم کب تک دنیا کو اپنا وطن بیچنے اور ذلت اٹھانے کا موقع فراہم کرتے رہیں گے۔ اس حملے کی ایف آئی آر درج ہوئی۔ آخر ہم کب تک دنیا کو اپنا وطن بیچنے اور ذلت اٹھانے کا موقع فراہم کرتے رہیں گے۔ اس حملے کی ایف آئی آر درج ہوئی۔ آخر ہم کب تک دنیا کو اپنا وطن بیچنے اور ذلت اٹھانے کا موقع فراہم کرتے رہیں گے۔ اس حملے کی ایف آئی آر درج ہوئی۔ آخر ہم کب تک دنیا کو اپنا وطن بیچنے اور ذلت اٹھانے کا موقع فراہم کرتے رہیں گے۔ اس حملے کی ایف آئی آر درج ہوئی۔ آخر ہم کب تک
آخر ہم کب تک دنیا کو اپنا وطن بیچنے اور ذلت اٹھانے کا موقع فراہم کرتے رہیں گے۔ اس حملے کی ایف آئی آر درج ہوئی۔ آخر ہم کب تک دنیا کو اپنا وطن بیچنے اور ذلت اٹھانے کا موقع فراہم کرتے رہیں گے۔ اس حملے کی ایف آئی آر درج ہوئی۔ آخر ہم کب تک دنیا کو اپنا وطن بیچنے اور ذلت اٹھانے کا موقع فراہم کرتے رہیں گے۔ اس حملے کی ایف آئی آر درج ہوئی۔ آخر ہم کب تک دنیا کو اپنا وطن بیچنے اور ذلت اٹھانے کا موقع فراہم کرتے رہیں گے۔ اس حملے کی ایف آئی آر درج ہوئی۔ آخر ہم کب تک دنیا کو اپنا وطن بیچنے اور ذلت اٹھانے کا موقع فراہم کرتے رہیں گے۔ اس حملے کی ایف آئی آر درج ہوئی۔ آخر ہم کب تک دنیا کو اپنا
آخر ہم کب تک دنیا کو اپنا وطن بیچنے اور ذلت اٹھانے کا موقع فراہم کرتے رہیں گے۔ اس حملے کی ایف آئی آر درج ہوئی۔ آخر ہم کب تک دنیا کو اپنا وطن بیچنے اور ذلت اٹھانے کا موقع فراہم کرتے رہیں گے۔ اس حملے کی ایف آئی آر درج ہوئی۔ آخر ہم کب تک دنیا کو اپنا وطن بیچنے اور ذلت اٹھانے کا موقع فراہم کرتے رہیں گے۔ اس حملے کی ایف آئی آر درج ہوئی۔ آخر ہم کب تک دنیا کو اپنا وطن بیچنے اور ذلت اٹھانے کا موقع فراہم کرتے رہیں گے۔ اس حملے کی ایف آئی آر درج ہوئی۔ آخر ہم کب تک دنیا کو اپنا وطن بیچنے اور ذلت اٹھانے کا موقع فراہم کرتے رہیں گے۔ اس حملے کی ایف آئی آر درج ہوئی۔ آخر ہم کب تک دنیا کو اپنا وطن بیچنے اور ذلت اٹھانے کا موقع فراہم کرتے رہیں گے۔ اس حملے کی ایف آئی آر درج ہوئی۔ آخر ہم کب تک دنیا کو اپنا وطن بیچنے اور ذلت اٹھانے کا موقع فراہم کرتے رہیں گے۔ اس حملے کی ایف آئی آر درج ہوئی۔ آخر ہم کب تک دنیا کو اپنا وطن بیچنے اور ذلت اٹھانے کا موقع فراہم کرتے رہیں گے۔ اس حملے کی ایف آئی آر درج ہوئی۔ آخر ہم کب تک دنیا کو اپنا وطن بیچنے اور ذلت اٹھانے کا موقع فراہم کرتے رہیں گے۔ اس حملے کی ایف آئی آر درج ہوئی۔ آخر ہم کب تک دنیا کو اپنا وطن بیچنے اور ذلت اٹھانے کا موقع فراہم کرتے رہیں گے۔ اس حملے کی ایف آئی آر درج ہوئی۔ آخر ہم کب تک دنیا کو اپنا وطن بیچنے اور ذلت اٹھانے کا موقع فراہم کرتے رہیں گے۔ اس حملے کی ایف آئی آر درج ہوئی۔ آخر ہم کب تک دنیا کو اپنا وطن بیچنے اور ذلت اٹھانے کا موقع فراہم کرتے رہیں گے۔ اس حملے کی ایف آئی آر درج ہوئی۔ آخر ہم کب تک دنیا کو اپنا وطن بیچنے اور ذلت اٹھانے کا موقع فراہم کرتے رہیں گے۔ اس حملے کی ایف آئی آر درج ہوئی۔ آخر ہم کب تک دنیا کو اپنا وطن بیچنے اور ذلت اٹھانے کا موقع فراہم کرتے رہیں گے۔ اس حملے کی ایف آئی آر درج ہوئی۔ آخر ہم کب تک دنیا کو اپنا وطن بیچنے اور ذلت اٹھانے کا موقع فراہم کرتے رہیں گے۔ اس حملے کی ایف آئی آر درج ہوئی۔ آخر ہم کب تک دنیا کو اپنا وطن بیچنے اور ذلت اٹھانے کا موقع فراہم کرتے رہیں گے۔ اس حملے کی ایف آئی آر درج
آوازِ وطن
عثمان دموہی
usmandamohi@yahoo.com
10 اگست 1976 کو پیدا ہونے والا۔ بے اختیاری کا خوف، مہنگائی کا خوف، بیماریوں کا خوف پھر آپ کے اندر ڈیرہ ڈال لیتا ہے۔ 10 اگست 1976 کو پیدا ہونے والا۔ بے اختیاری کا خوف، مہنگائی کا خوف، بیماریوں کا خوف پھر آپ کے اندر ڈیرہ ڈال لیتا ہے۔ 10 اگست 1976 کو پیدا ہونے والا۔ بے اختیاری کا خوف، مہنگائی کا خوف، بیماریوں کا خوف پھر آپ کے اندر ڈیرہ ڈال لیتا ہے۔ 10 اگست 1976 کو پیدا ہونے والا۔ بے اختیاری کا خوف، مہنگائی کا خوف، بیماریوں کا خوف پھر آپ کے اندر ڈیرہ ڈال لیتا ہے۔ 10 اگست 1976 کو پیدا ہونے والا۔ بے اختیاری کا خوف، مہنگائی کا خوف، بیماریوں کا خوف پھر آپ کے اندر ڈیرہ ڈال لیتا ہے۔ 10 اگست 1976 کو پیدا ہونے والا۔ بے اختیاری کا خوف، مہنگائی کا خوف، بیماریوں کا خوف پھر آپ کے اندر ڈیرہ ڈال لیتا ہے۔ 10 اگست 1976 کو پیدا ہونے والا۔ بے اختیاری کا خوف، مہنگائی کا خوف، بیماریوں کا خوف پھر آپ کے اندر ڈیرہ ڈال لیتا ہے۔ 10 اگست 1976 کو پیدا ہونے والا۔ بے اختیاری کا خوف،
نا امیدی سے خود بخود ملاقات ہو جاتی ہے
10 اگست 1976 کو پیدا ہونے والا۔ بے اختیاری کا خوف، مہنگائی کا
10 اگست 1976 کو پیدا ہونے والا۔ بے اختیاری کا خوف، مہنگائی
10 اگست 1976 کو پیدا ہونے والا۔ بے اختیاری کا خوف، مہنگائی کا خوف، بیماریوں کا خوف پھر آپ کے اندر ڈیرہ ڈال لیتا ہے۔ 10 اگست 1976 کو پیدا ہونے والا۔ بے اختیاری
10 اگست 1976 کو پیدا ہونے والا۔ بے اختیاری کا خوف، مہنگائی کا خوف، بیماریوں کا خوف پھر آپ کے اندر ڈیرہ ڈال لیتا ہے۔ 10 اگست 1976 کو پیدا ہونے والا۔ بے اختیاری کا خوف، مہنگائی کا خوف، بیماریوں کا خوف پھر آپ کے اندر ڈیرہ ڈال لیتا ہے۔ 10 اگست 1976 کو پیدا ہونے والا۔ بے اختیاری کا خوف، مہنگائی کا خوف، بیماریوں کا خوف پھر آپ کے اندر ڈیرہ ڈال لیتا ہے۔ 10 اگست 1976 کو پیدا ہونے والا۔ بے اختیاری کا خوف، مہنگائی کا خوف، بیماریوں کا خوف پھر آپ کے اندر ڈیرہ ڈال لیتا ہے۔ 10 اگست 1976 کو پیدا ہونے والا۔ بے اختیاری کا خوف، مہنگائی کا خوف، بیماریوں کا خوف پھر آپ کے اندر ڈیرہ ڈال لیتا ہے۔ 10 اگست 1976 کو پیدا ہونے والا۔ بے اختیاری کا خوف، مہنگائی کا خوف، بیماریوں کا خوف پھر آپ کے اندر ڈیرہ ڈال لیتا ہے۔ 10 اگست 1976
10 اگست 1976 کو پیدا ہونے والا۔ بے اختیاری کا خوف، مہنگائی کا خوف، بیماریوں کا خوف پھر آپ کے اندر ڈیرہ ڈال لیتا ہے۔ 10 اگست 1976 کو پیدا ہونے والا۔ بے اختیاری کا خوف، مہنگائی کا خوف، بیماریوں کا خوف پھر آپ کے اندر ڈیرہ ڈال لیتا ہے۔ 10 اگست 1976 کو پیدا ہونے والا۔ بے اختیاری کا خوف، مہنگائی کا خوف، بیماریوں کا خوف پھر آپ کے اندر ڈیرہ ڈال لیتا ہے۔ 10 اگست 1976 کو پیدا ہونے والا۔ بے اختیاری کا خوف، مہنگائی کا خوف، بیماریوں کا خوف پھر آپ کے اندر ڈیرہ ڈال لیتا ہے۔ 10 اگست 1976 کو پیدا ہونے والا۔ بے اختیاری کا خوف، مہنگائی کا خوف، بیماریوں کا خوف پھر آپ کے اندر ڈیرہ ڈال لیتا ہے۔ 10 اگست 1976 کو پیدا ہونے والا۔ بے اختیاری کا خوف، مہنگائی کا خوف، بیماریوں کا خوف پھر آپ کے اندر
10 اگست 1976 کو پیدا ہونے والا۔ بے اختیاری کا خوف، مہنگائی کا خوف، بیماریوں کا خوف پھر آپ کے اندر ڈیرہ ڈال لیتا ہے۔ 10 اگست 1976 کو پیدا ہونے والا۔ بے اختیاری کا خوف، مہنگائی کا خوف، بیماریوں کا خوف پھر آپ کے اندر ڈیرہ ڈال لیتا ہے۔ 10 اگست 1976 کو پیدا ہونے والا۔ بے اختیاری کا خوف، مہنگائی کا خوف، بیماریوں کا خوف پھر آپ کے اندر ڈیرہ ڈال لیتا ہے۔ 10 اگست 1976 کو پیدا ہونے والا۔ بے اختیاری کا خوف، مہنگائی کا خوف، بیماریوں کا خوف پھر آپ کے اندر ڈیرہ ڈال لیتا ہے۔ 10 اگست 1976 کو پیدا ہونے والا۔ بے اختیاری کا خوف، مہنگائی کا خوف، بیماریوں کا خوف پھر آپ کے اندر ڈیرہ ڈال لیتا ہے۔ 10 اگست 1976 کو پیدا ہونے والا۔ بے اختیاری کا خوف، مہنگائی کا خوف، بیماریوں کا خوف پھر آپ کے اندر ڈیرہ ڈال لیتا ہے۔ 10 اگست 1976 کو پیدا ہونے والا۔ بے اختیاری کا خوف، مہنگائی کا خوف، بیماریوں کا خوف پھر آپ کے اندر ڈیرہ ڈال لیتا ہے۔ 10 اگست 1976 کو پیدا ہونے والا۔ بے اختیاری کا خوف، مہنگائی کا خوف، بیماریوں کا خوف پھر آپ کے اندر ڈیرہ ڈال لیتا ہے۔ 10 اگست 1976 کو پیدا ہونے والا۔ بے اختیاری کا خوف، مہنگائی کا خوف، بیماریوں کا خوف پھر آپ کے اندر ڈیرہ ڈال لیتا ہے۔ 10 اگست 1976 کو پیدا ہونے والا۔ بے اختیاری کا خوف، مہنگائی کا خوف، بیماریوں کا خوف پھر آپ کے اندر ڈیرہ ڈال لیتا ہے۔ 10 اگست 1976 کو پیدا ہونے والا۔ بے اختیاری کا خوف، مہنگائی کا خوف، بیماریوں کا خوف پھر آپ کے اندر ڈیرہ ڈال لیتا ہے۔ 10 اگست 1976 کو پیدا ہونے والا۔ بے اختیاری کا خوف، مہنگائی کا خوف، بیماریوں کا خوف پھر آپ کے اندر ڈیرہ ڈال لیتا ہے۔ 10 اگست 1976 کو پیدا ہونے والا۔ بے اختیاری کا خوف، مہنگائی کا خوف، بیماریوں کا خوف پھر آپ کے اندر ڈیرہ ڈال لیتا ہے۔ 10 اگست 1976 کو پیدا ہونے والا۔ بے اختیاری کا خوف، مہنگائی کا خوف، بیماریوں کا خوف پھر آپ کے اندر ڈیرہ
روشن دان
آفتاب احمد خانزادہ
aftabkhanzada2@yahoo.com
